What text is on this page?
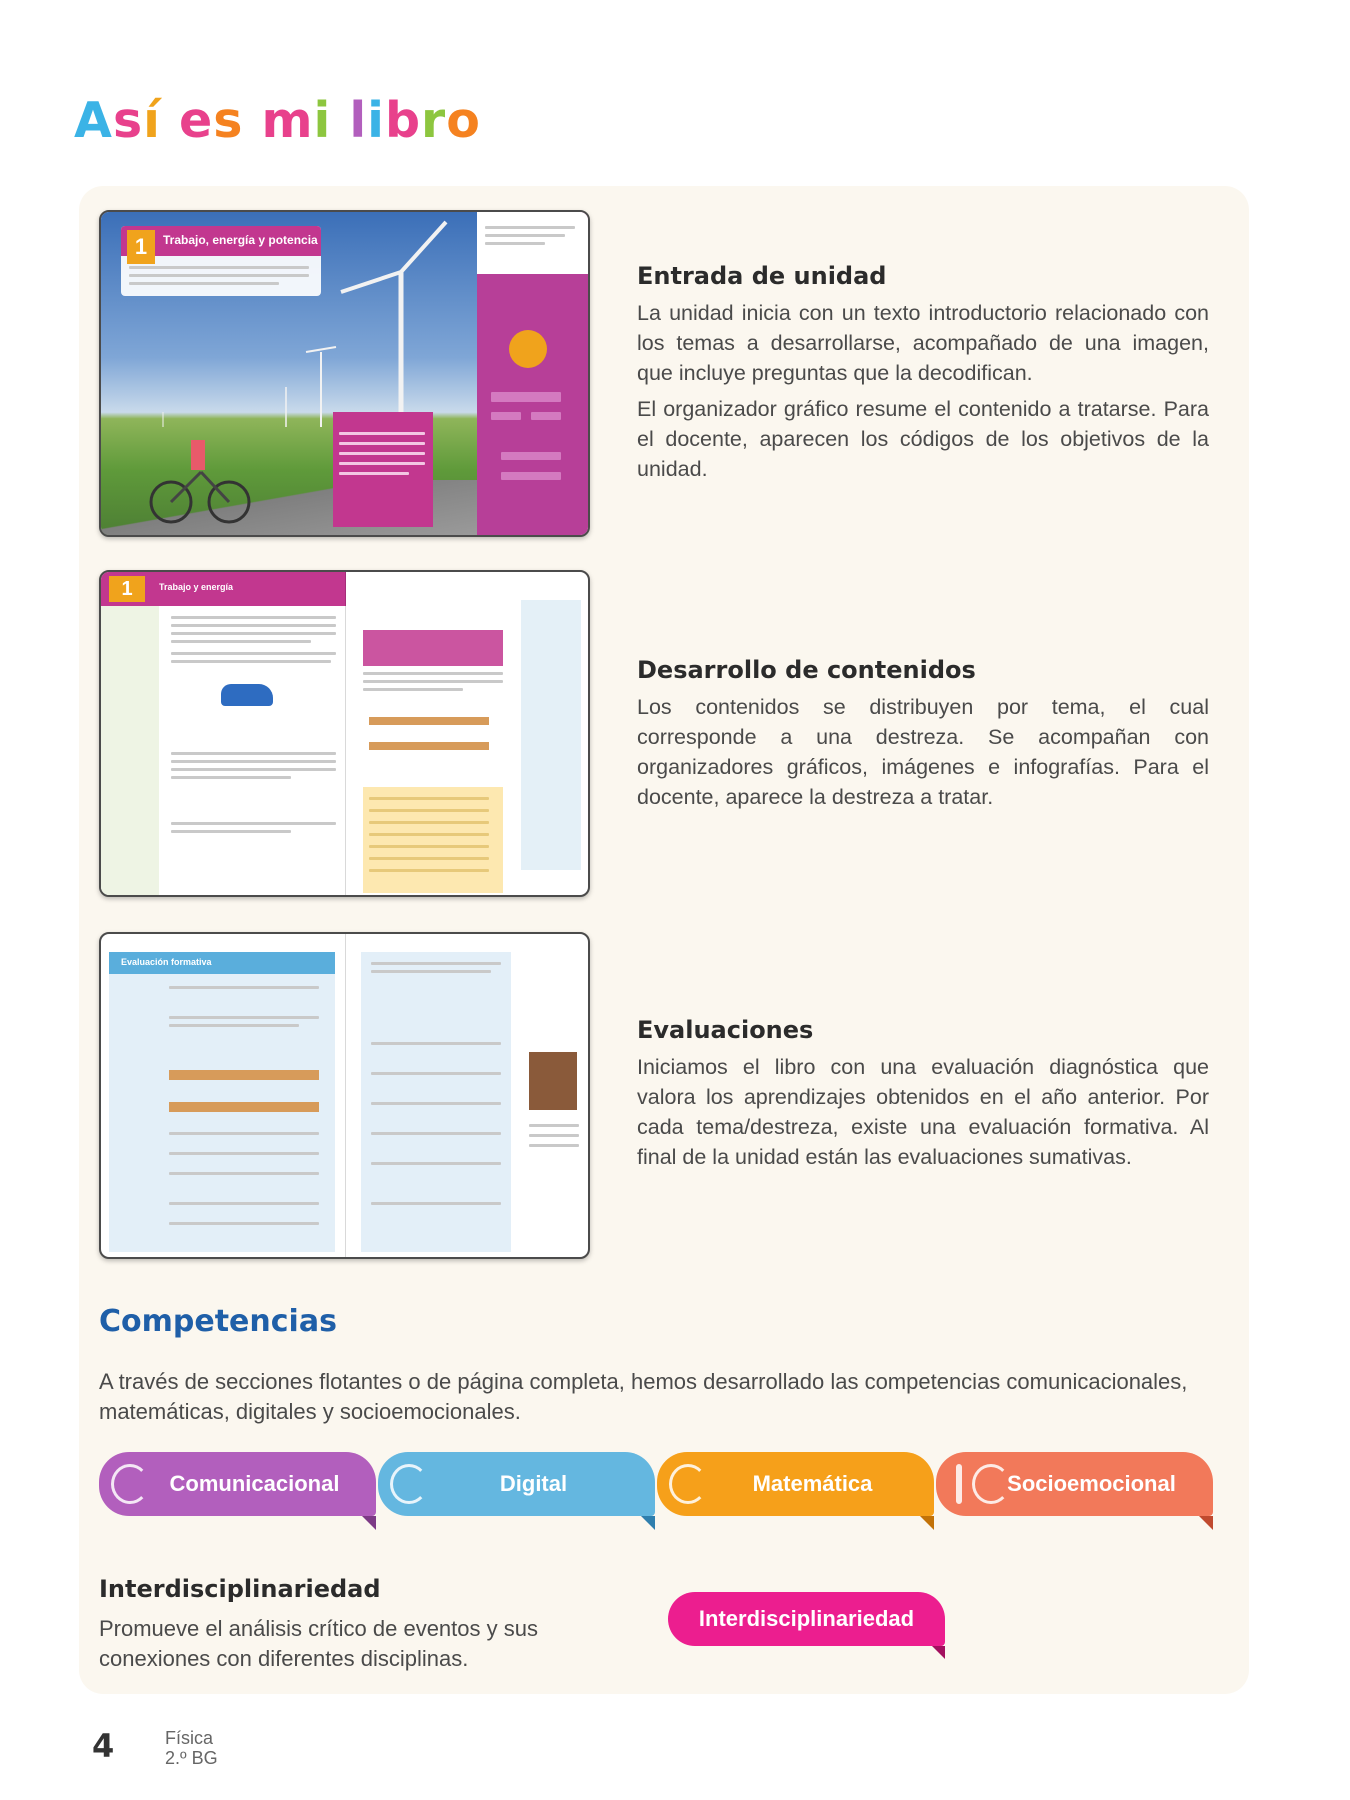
Así es mi libro
1	Trabajo, energía y potencia
1	Trabajo y energía
Evaluación formativa
Entrada de unidad

La unidad inicia con un texto introductorio relacionado con los temas a desarrollarse, acompañado de una imagen, que incluye preguntas que la decodifican.

El organizador gráfico resume el contenido a tratarse. Para el docente, aparecen los códigos de los objetivos de la unidad.

Desarrollo de contenidos

Los contenidos se distribuyen por tema, el cual corresponde a una destreza. Se acompañan con organizadores gráficos, imágenes e infografías. Para el docente, aparece la destreza a tratar.

Evaluaciones

Iniciamos el libro con una evaluación diagnóstica que valora los aprendizajes obtenidos en el año anterior. Por cada tema/destreza, existe una evaluación formativa. Al final de la unidad están las evaluaciones sumativas.

Competencias
A través de secciones flotantes o de página completa, hemos desarrollado las competencias comunicacionales, matemáticas, digitales y socioemocionales.
Comunicacional	Digital	Matemática	Socioemocional
Interdisciplinariedad
Promueve el análisis crítico de eventos y sus conexiones con diferentes disciplinas.
Interdisciplinariedad
4	Física
2.º BG
